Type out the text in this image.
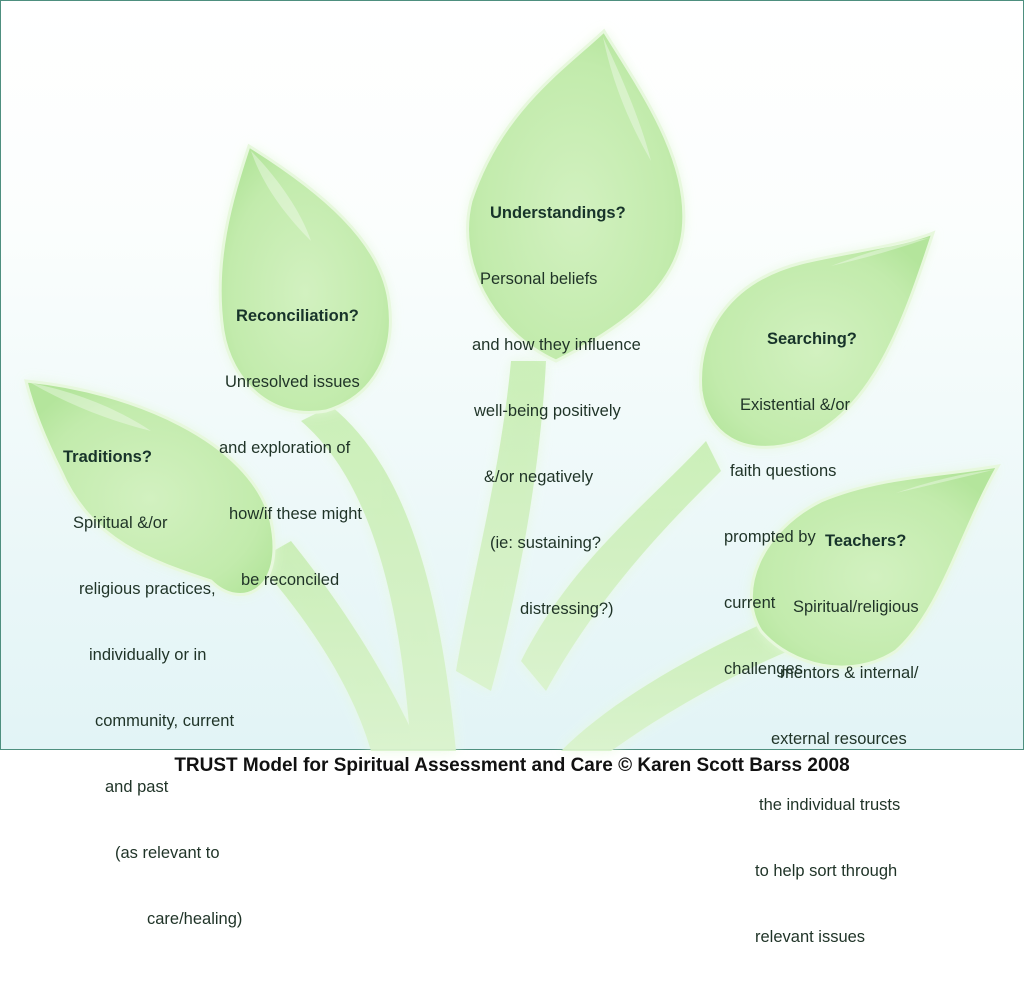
Traditions?

Spiritual &/or

religious practices,

individually or in

community, current

and past

(as relevant to

care/healing)

Reconciliation?

Unresolved issues

and exploration of

how/if these might

be reconciled

Understandings?

Personal beliefs

and how they influence

well-being positively

&/or negatively

(ie: sustaining?

distressing?)

Searching?

Existential &/or

faith questions

prompted by

current

challenges

Teachers?

Spiritual/religious

mentors & internal/

external resources

the individual trusts

to help sort through

relevant issues

TRUST Model for Spiritual Assessment and Care © Karen Scott Barss 2008
